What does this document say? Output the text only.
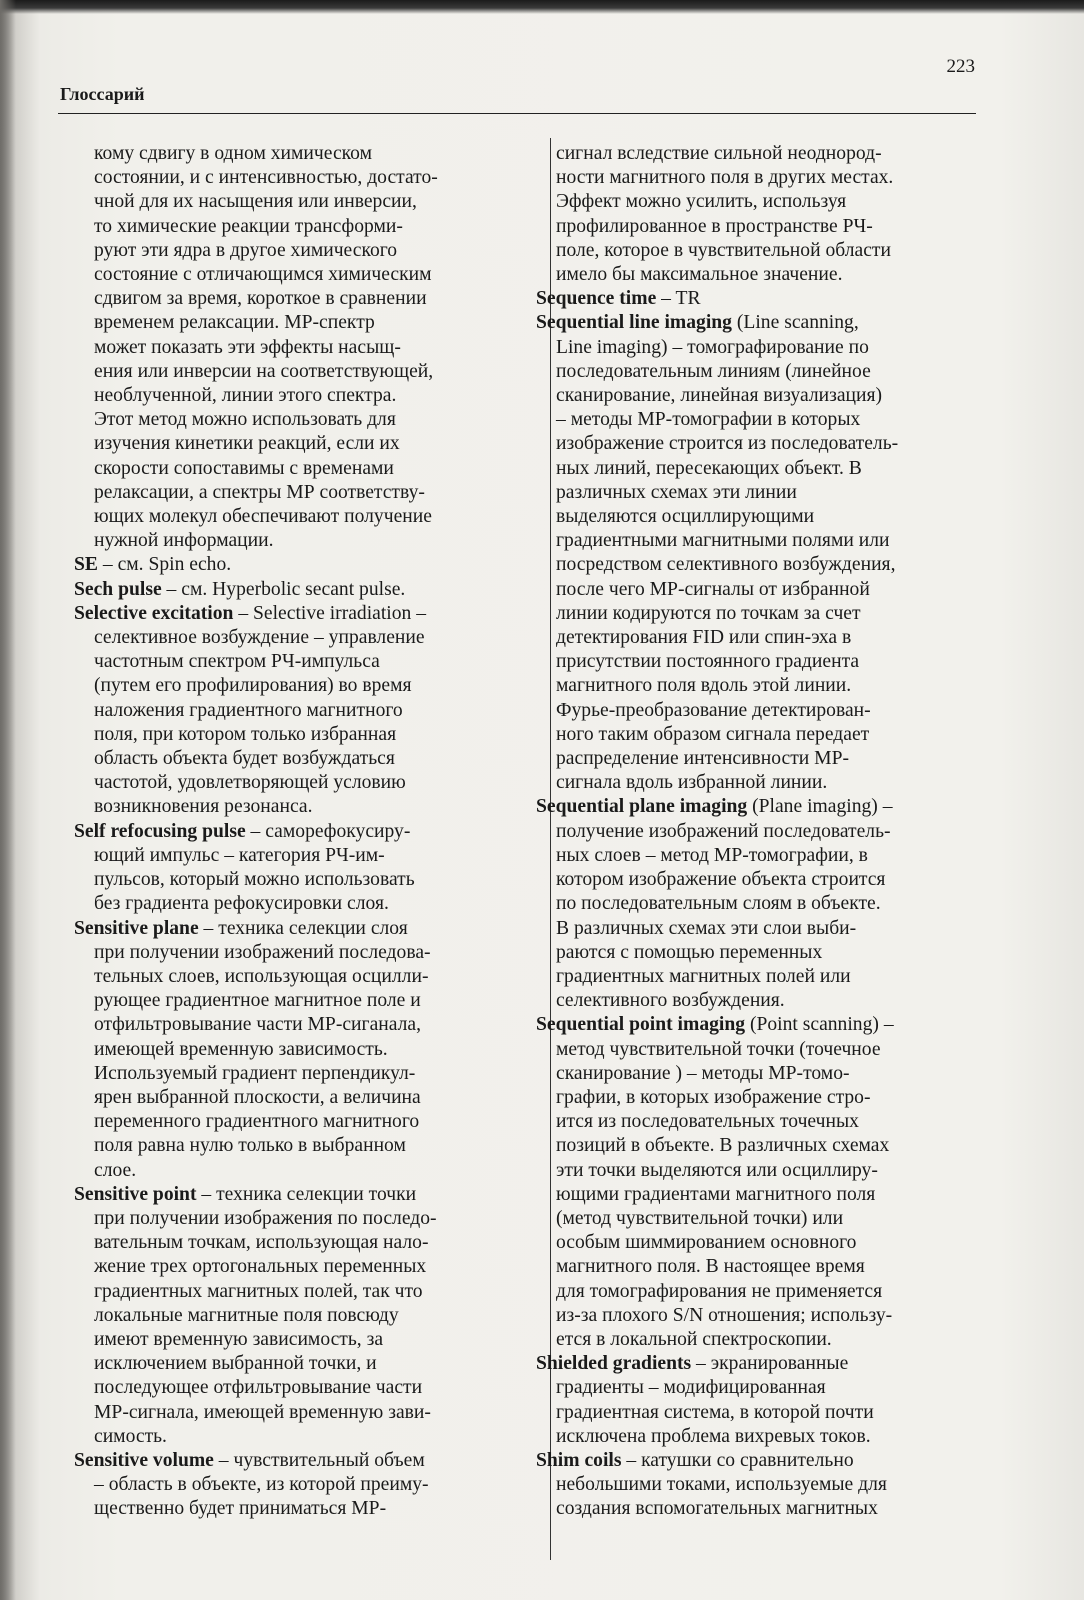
223
Глоссарий
кому сдвигу в одном химическом
состоянии, и с интенсивностью, достато-
чной для их насыщения или инверсии,
то химические реакции трансформи-
руют эти ядра в другое химического
состояние с отличающимся химическим
сдвигом за время, короткое в сравнении
временем релаксации. МР-спектр
может показать эти эффекты насыщ-
ения или инверсии на соответствующей,
необлученной, линии этого спектра.
Этот метод можно использовать для
изучения кинетики реакций, если их
скорости сопоставимы с временами
релаксации, а спектры МР соответству-
ющих молекул обеспечивают получение
нужной информации.
SE – см. Spin echo.
Sech pulse – см. Hyperbolic secant pulse.
Selective excitation – Selective irradiation –
селективное возбуждение – управление
частотным спектром РЧ-импульса
(путем его профилирования) во время
наложения градиентного магнитного
поля, при котором только избранная
область объекта будет возбуждаться
частотой, удовлетворяющей условию
возникновения резонанса.
Self refocusing pulse – саморефокусиру-
ющий импульс – категория РЧ-им-
пульсов, который можно использовать
без градиента рефокусировки слоя.
Sensitive plane – техника селекции слоя
при получении изображений последова-
тельных слоев, использующая осцилли-
рующее градиентное магнитное поле и
отфильтровывание части МР-сиганала,
имеющей временную зависимость.
Используемый градиент перпендикул-
ярен выбранной плоскости, а величина
переменного градиентного магнитного
поля равна нулю только в выбранном
слое.
Sensitive point – техника селекции точки
при получении изображения по последо-
вательным точкам, использующая нало-
жение трех ортогональных переменных
градиентных магнитных полей, так что
локальные магнитные поля повсюду
имеют временную зависимость, за
исключением выбранной точки, и
последующее отфильтровывание части
МР-сигнала, имеющей временную зави-
симость.
Sensitive volume – чувствительный объем
– область в объекте, из которой преиму-
щественно будет приниматься МР-
сигнал вследствие сильной неоднород-
ности магнитного поля в других местах.
Эффект можно усилить, используя
профилированное в пространстве РЧ-
поле, которое в чувствительной области
имело бы максимальное значение.
Sequence time – TR
Sequential line imaging (Line scanning,
Line imaging) – томографирование по
последовательным линиям (линейное
сканирование, линейная визуализация)
– методы МР-томографии в которых
изображение строится из последователь-
ных линий, пересекающих объект. В
различных схемах эти линии
выделяются осциллирующими
градиентными магнитными полями или
посредством селективного возбуждения,
после чего МР-сигналы от избранной
линии кодируются по точкам за счет
детектирования FID или спин-эха в
присутствии постоянного градиента
магнитного поля вдоль этой линии.
Фурье-преобразование детектирован-
ного таким образом сигнала передает
распределение интенсивности МР-
сигнала вдоль избранной линии.
Sequential plane imaging (Plane imaging) –
получение изображений последователь-
ных слоев – метод МР-томографии, в
котором изображение объекта строится
по последовательным слоям в объекте.
В различных схемах эти слои выби-
раются с помощью переменных
градиентных магнитных полей или
селективного возбуждения.
Sequential point imaging (Point scanning) –
метод чувствительной точки (точечное
сканирование ) – методы МР-томо-
графии, в которых изображение стро-
ится из последовательных точечных
позиций в объекте. В различных схемах
эти точки выделяются или осциллиру-
ющими градиентами магнитного поля
(метод чувствительной точки) или
особым шиммированием основного
магнитного поля. В настоящее время
для томографирования не применяется
из-за плохого S/N отношения; использу-
ется в локальной спектроскопии.
Shielded gradients – экранированные
градиенты – модифицированная
градиентная система, в которой почти
исключена проблема вихревых токов.
Shim coils – катушки со сравнительно
небольшими токами, используемые для
создания вспомогательных магнитных
